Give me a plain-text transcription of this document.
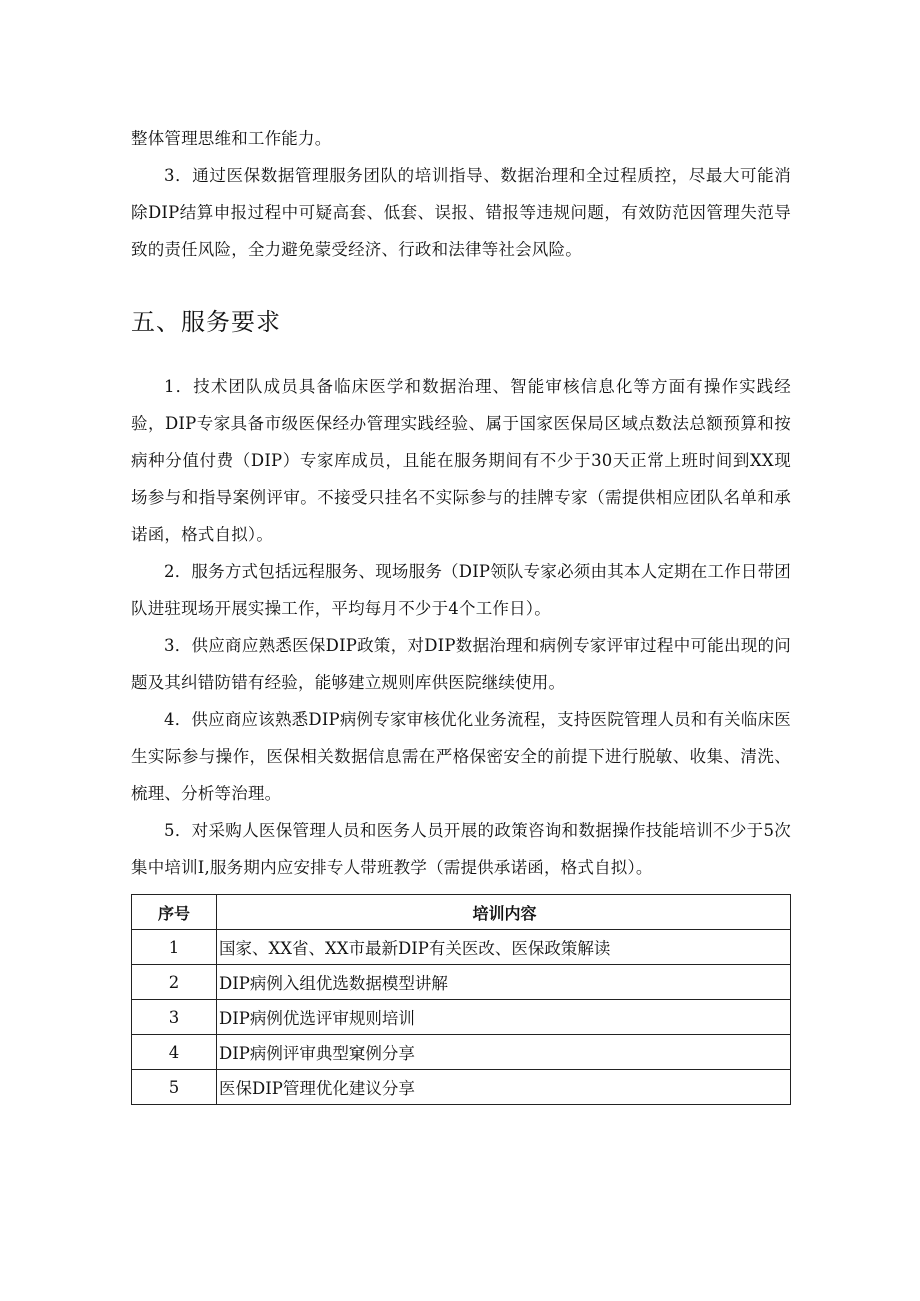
整体管理思维和工作能力。

3．通过医保数据管理服务团队的培训指导、数据治理和全过程质控，尽最大可能消除DIP结算申报过程中可疑高套、低套、误报、错报等违规问题，有效防范因管理失范导致的责任风险，全力避免蒙受经济、行政和法律等社会风险。

五、服务要求

1．技术团队成员具备临床医学和数据治理、智能审核信息化等方面有操作实践经验，DIP专家具备市级医保经办管理实践经验、属于国家医保局区域点数法总额预算和按病种分值付费（DIP）专家库成员，且能在服务期间有不少于30天正常上班时间到XX现场参与和指导案例评审。不接受只挂名不实际参与的挂牌专家（需提供相应团队名单和承诺函，格式自拟）。

2．服务方式包括远程服务、现场服务（DIP领队专家必须由其本人定期在工作日带团队进驻现场开展实操工作，平均每月不少于4个工作日）。

3．供应商应熟悉医保DIP政策，对DIP数据治理和病例专家评审过程中可能出现的问题及其纠错防错有经验，能够建立规则库供医院继续使用。

4．供应商应该熟悉DIP病例专家审核优化业务流程，支持医院管理人员和有关临床医生实际参与操作，医保相关数据信息需在严格保密安全的前提下进行脱敏、收集、清洗、梳理、分析等治理。

5．对采购人医保管理人员和医务人员开展的政策咨询和数据操作技能培训不少于5次集中培训I,服务期内应安排专人带班教学（需提供承诺函，格式自拟）。

序号	培训内容
1	国家、XX省、XX市最新DIP有关医改、医保政策解读
2	DIP病例入组优选数据模型讲解
3	DIP病例优选评审规则培训
4	DIP病例评审典型窠例分享
5	医保DIP管理优化建议分享
